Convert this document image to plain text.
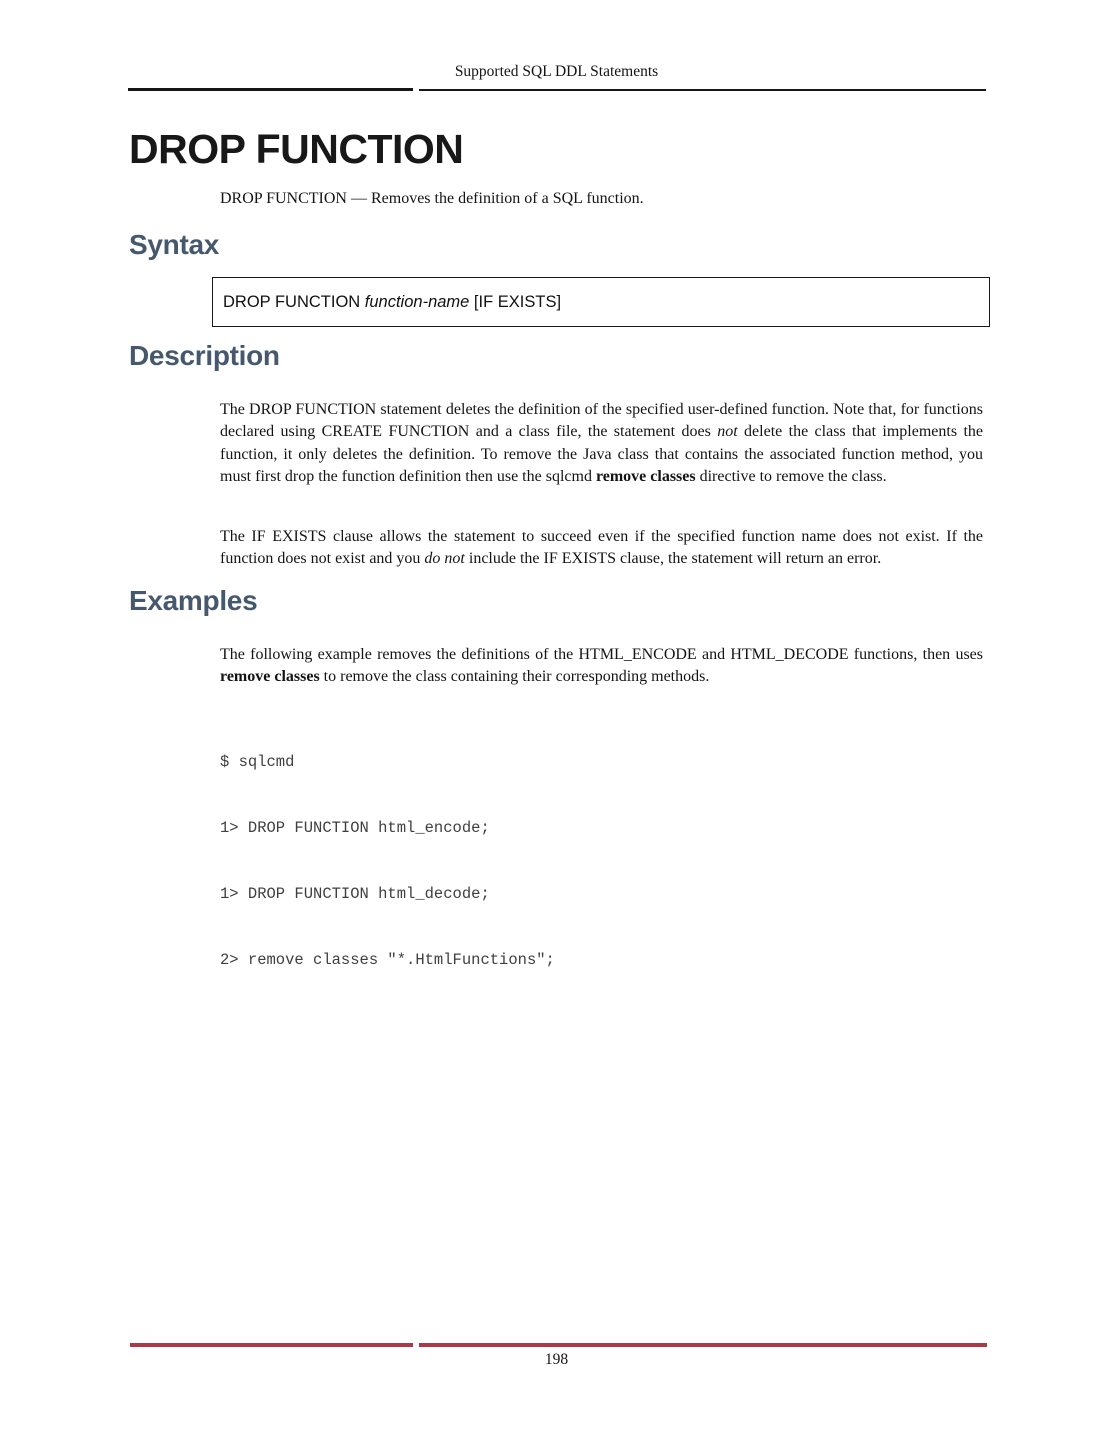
Supported SQL DDL Statements
DROP FUNCTION

DROP FUNCTION — Removes the definition of a SQL function.

Syntax
DROP FUNCTION function-name [IF EXISTS]
Description

The DROP FUNCTION statement deletes the definition of the specified user-defined function. Note that, for functions declared using CREATE FUNCTION and a class file, the statement does not delete the class that implements the function, it only deletes the definition. To remove the Java class that contains the associated function method, you must first drop the function definition then use the sqlcmd remove classes directive to remove the class.

The IF EXISTS clause allows the statement to succeed even if the specified function name does not exist. If the function does not exist and you do not include the IF EXISTS clause, the statement will return an error.

Examples

The following example removes the definitions of the HTML_ENCODE and HTML_DECODE functions, then uses remove classes to remove the class containing their corresponding methods.

$ sqlcmd

1> DROP FUNCTION html_encode;

1> DROP FUNCTION html_decode;

2> remove classes "*.HtmlFunctions";

198
